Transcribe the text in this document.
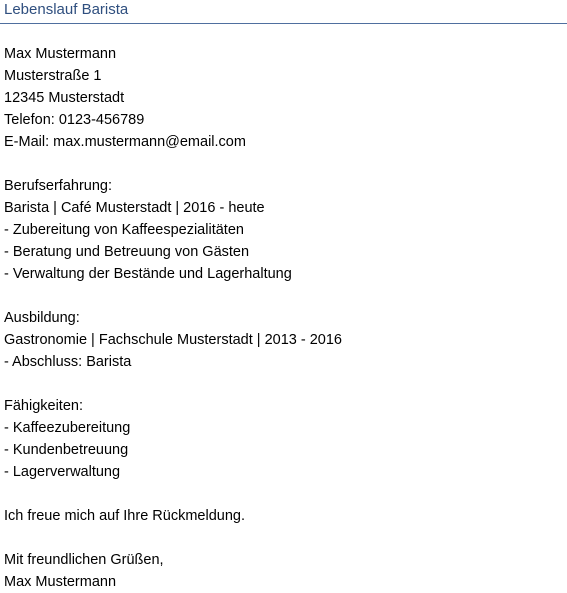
Lebenslauf Barista
Max Mustermann
Musterstraße 1
12345 Musterstadt
Telefon: 0123-456789
E-Mail: max.mustermann@email.com
Berufserfahrung:
Barista | Café Musterstadt | 2016 - heute
- Zubereitung von Kaffeespezialitäten
- Beratung und Betreuung von Gästen
- Verwaltung der Bestände und Lagerhaltung
Ausbildung:
Gastronomie | Fachschule Musterstadt | 2013 - 2016
- Abschluss: Barista
Fähigkeiten:
- Kaffeezubereitung
- Kundenbetreuung
- Lagerverwaltung
Ich freue mich auf Ihre Rückmeldung.
Mit freundlichen Grüßen,
Max Mustermann
